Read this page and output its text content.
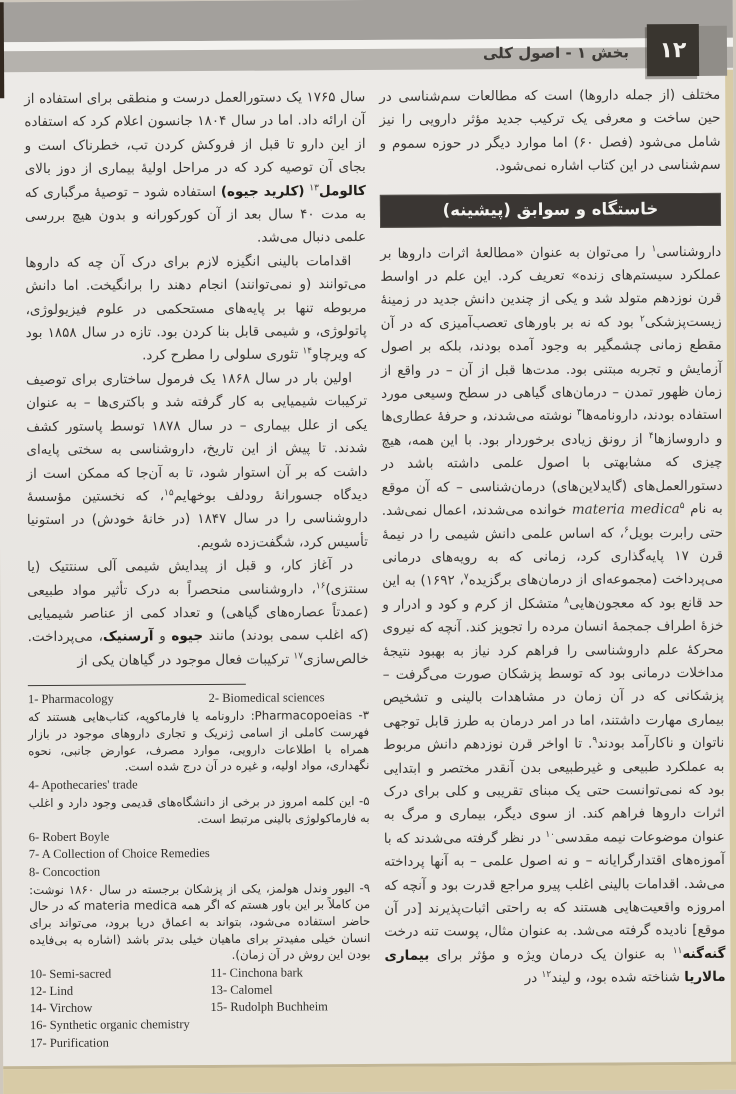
۱۲
بخش ۱ - اصول کلی

مختلف (از جمله داروها) است که مطالعات سم‌شناسی در حین ساخت و معرفی یک ترکیب جدید مؤثر دارویی را نیز شامل می‌شود (فصل ۶۰) اما موارد دیگر در حوزه سموم و سم‌شناسی در این کتاب اشاره نمی‌شود.

خاستگاه و سوابق (پیشینه)

داروشناسی$^۱$ را می‌توان به عنوان «مطالعهٔ اثرات داروها بر عملکرد سیستم‌های زنده» تعریف کرد. این علم در اواسط قرن نوزدهم متولد شد و یکی از چندین دانش جدید در زمینهٔ زیست‌پزشکی$^۲$ بود که نه بر باورهای تعصب‌آمیزی که در آن مقطع زمانی چشمگیر به وجود آمده بودند، بلکه بر اصول آزمایش و تجربه مبتنی بود. مدت‌ها قبل از آن – در واقع از زمان ظهور تمدن – درمان‌های گیاهی در سطح وسیعی مورد استفاده بودند، دارونامه‌ها$^۳$ نوشته می‌شدند، و حرفهٔ عطاری‌ها و داروسازها$^۴$ از رونق زیادی برخوردار بود. با این همه، هیچ چیزی که مشابهتی با اصول علمی داشته باشد در دستورالعمل‌های (گایدلاین‌های) درمان‌شناسی – که آن موقع به نام materia medica$^۵$ خوانده می‌شدند، اعمال نمی‌شد. حتی رابرت بویل$^۶$، که اساس علمی دانش شیمی را در نیمهٔ قرن ۱۷ پایه‌گذاری کرد، زمانی که به رویه‌های درمانی می‌پرداخت (مجموعه‌ای از درمان‌های برگزیده$^۷$، ۱۶۹۲) به این حد قانع بود که معجون‌هایی$^۸$ متشکل از کرم و کود و ادرار و خزهٔ اطراف جمجمهٔ انسان مرده را تجویز کند. آنچه که نیروی محرکهٔ علم داروشناسی را فراهم کرد نیاز به بهبود نتیجهٔ مداخلات درمانی بود که توسط پزشکان صورت می‌گرفت – پزشکانی که در آن زمان در مشاهدات بالینی و تشخیص بیماری مهارت داشتند، اما در امر درمان به طرز قابل توجهی ناتوان و ناکارآمد بودند$^۹$. تا اواخر قرن نوزدهم دانش مربوط به عملکرد طبیعی و غیرطبیعی بدن آنقدر مختصر و ابتدایی بود که نمی‌توانست حتی یک مبنای تقریبی و کلی برای درک اثرات داروها فراهم کند. از سوی دیگر، بیماری و مرگ به عنوان موضوعات نیمه مقدسی$^{۱۰}$ در نظر گرفته می‌شدند که با آموزه‌های اقتدارگرایانه – و نه اصول علمی – به آنها پرداخته می‌شد. اقدامات بالینی اغلب پیرو مراجع قدرت بود و آنچه که امروزه واقعیت‌هایی هستند که به راحتی اثبات‌پذیرند [در آن موقع] نادیده گرفته می‌شد. به عنوان مثال، پوست تنه درخت گنه‌گنه$^{۱۱}$ به عنوان یک درمان ویژه و مؤثر برای بیماری مالاریا شناخته شده بود، و لیند$^{۱۲}$ در

سال ۱۷۶۵ یک دستورالعمل درست و منطقی برای استفاده از آن ارائه داد. اما در سال ۱۸۰۴ جانسون اعلام کرد که استفاده از این دارو تا قبل از فروکش کردن تب، خطرناک است و بجای آن توصیه کرد که در مراحل اولیهٔ بیماری از دوز بالای کالومل$^{۱۳}$ (کلرید جیوه) استفاده شود – توصیهٔ مرگباری که به مدت ۴۰ سال بعد از آن کورکورانه و بدون هیچ بررسی علمی دنبال می‌شد.

اقدامات بالینی انگیزه لازم برای درک آن چه که داروها می‌توانند (و نمی‌توانند) انجام دهند را برانگیخت. اما دانش مربوطه تنها بر پایه‌های مستحکمی در علوم فیزیولوژی، پاتولوژی، و شیمی قابل بنا کردن بود. تازه در سال ۱۸۵۸ بود که ویرچاو$^{۱۴}$ تئوری سلولی را مطرح کرد.

اولین بار در سال ۱۸۶۸ یک فرمول ساختاری برای توصیف ترکیبات شیمیایی به کار گرفته شد و باکتری‌ها – به عنوان یکی از علل بیماری – در سال ۱۸۷۸ توسط پاستور کشف شدند. تا پیش از این تاریخ، داروشناسی به سختی پایه‌ای داشت که بر آن استوار شود، تا به آن‌جا که ممکن است از دیدگاه جسورانهٔ رودلف بوخهایم$^{۱۵}$، که نخستین مؤسسهٔ داروشناسی را در سال ۱۸۴۷ (در خانهٔ خودش) در استونیا تأسیس کرد، شگفت‌زده شویم.

در آغاز کار، و قبل از پیدایش شیمی آلی سنتتیک (یا سنتزی)$^{۱۶}$، داروشناسی منحصراً به درک تأثیر مواد طبیعی (عمدتاً عصاره‌های گیاهی) و تعداد کمی از عناصر شیمیایی (که اغلب سمی بودند) مانند جیوه و آرسنیک، می‌پرداخت. خالص‌سازی$^{۱۷}$ ترکیبات فعال موجود در گیاهان یکی از

1- Pharmacology	2- Biomedical sciences
۳- Pharmacopoeias: دارونامه یا فارماکوپه، کتاب‌هایی هستند که فهرست کاملی از اسامی ژنریک و تجاری داروهای موجود در بازار همراه با اطلاعات دارویی، موارد مصرف، عوارض جانبی، نحوه نگهداری، مواد اولیه، و غیره در آن درج شده است.
4- Apothecaries' trade
۵- این کلمه امروز در برخی از دانشگاه‌های قدیمی وجود دارد و اغلب به فارماکولوژی بالینی مرتبط است.
6- Robert Boyle
7- A Collection of Choice Remedies
8- Concoction
۹- الیور وندل هولمز، یکی از پزشکان برجسته در سال ۱۸۶۰ نوشت: من کاملاً بر این باور هستم که اگر همه materia medica که در حال حاضر استفاده می‌شود، بتواند به اعماق دریا برود، می‌تواند برای انسان خیلی مفیدتر برای ماهیان خیلی بدتر باشد (اشاره به بی‌فایده بودن این روش در آن زمان).
10- Semi-sacred	11- Cinchona bark
12- Lind	13- Calomel
14- Virchow	15- Rudolph Buchheim
16- Synthetic organic chemistry
17- Purification
